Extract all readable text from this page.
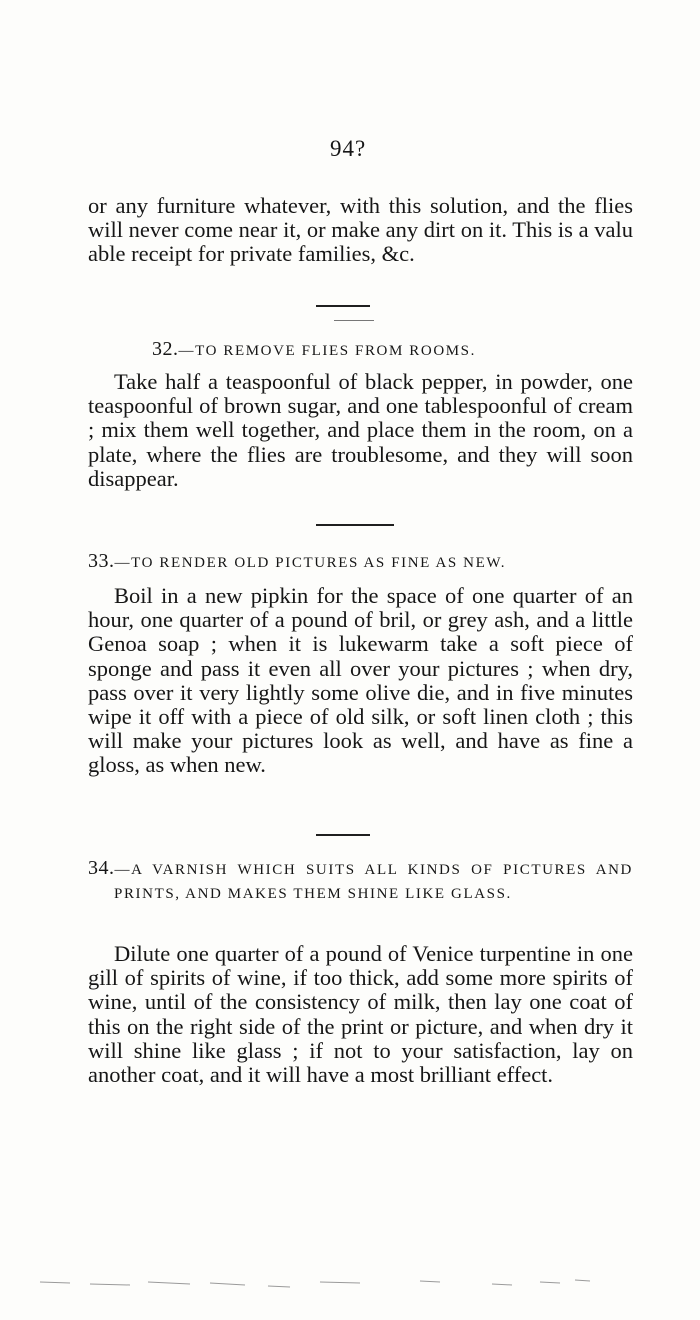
94?

or any furniture whatever, with this solution, and the flies will never come near it, or make any dirt on it. This is a valu able receipt for private families, &c.

32.—TO REMOVE FLIES FROM ROOMS.

Take half a teaspoonful of black pepper, in powder, one teaspoonful of brown sugar, and one tablespoonful of cream ; mix them well together, and place them in the room, on a plate, where the flies are troublesome, and they will soon disappear.

33.—TO RENDER OLD PICTURES AS FINE AS NEW.

Boil in a new pipkin for the space of one quarter of an hour, one quarter of a pound of bril, or grey ash, and a little Genoa soap ; when it is lukewarm take a soft piece of sponge and pass it even all over your pictures ; when dry, pass over it very lightly some olive die, and in five minutes wipe it off with a piece of old silk, or soft linen cloth ; this will make your pictures look as well, and have as fine a gloss, as when new.

34.—A VARNISH WHICH SUITS ALL KINDS OF PICTURES AND PRINTS, AND MAKES THEM SHINE LIKE GLASS.

Dilute one quarter of a pound of Venice turpentine in one gill of spirits of wine, if too thick, add some more spirits of wine, until of the consistency of milk, then lay one coat of this on the right side of the print or picture, and when dry it will shine like glass ; if not to your satisfaction, lay on another coat, and it will have a most brilliant effect.
